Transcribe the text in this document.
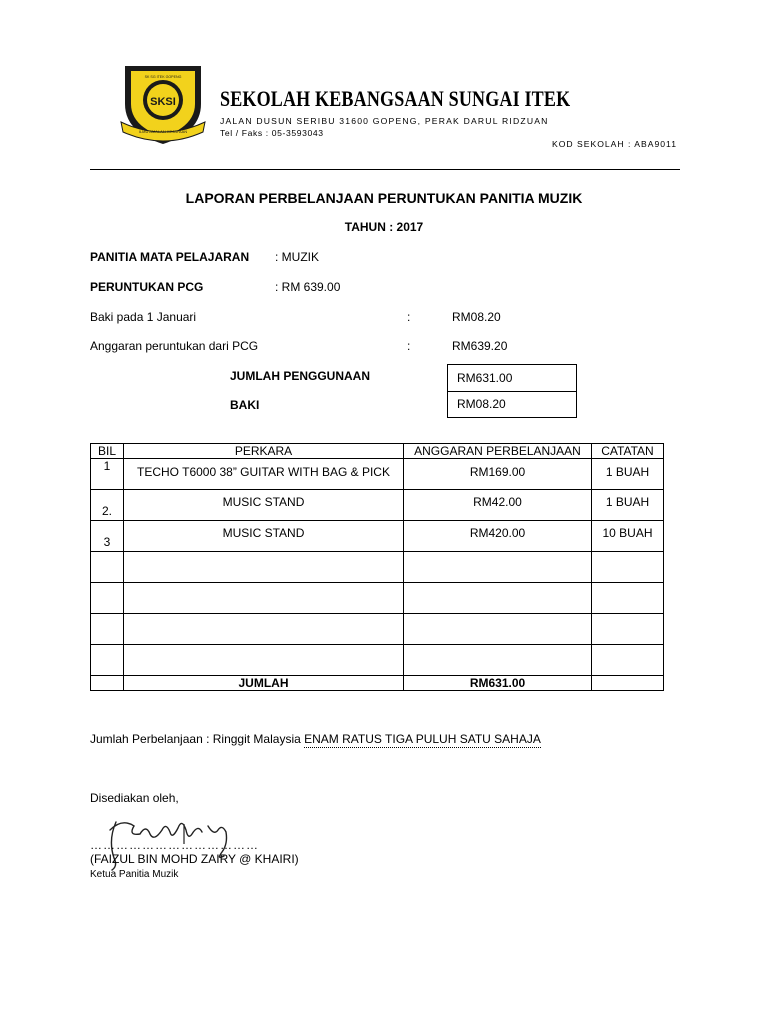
SKSI
SK SG ITEK GOPENG
ILMU AMALAN KEJAYAAN
SEKOLAH KEBANGSAAN SUNGAI ITEK
JALAN DUSUN SERIBU 31600 GOPENG, PERAK DARUL RIDZUAN
Tel / Faks : 05-3593043
KOD SEKOLAH : ABA9011
LAPORAN PERBELANJAAN PERUNTUKAN PANITIA MUZIK
TAHUN : 2017
PANITIA MATA PELAJARAN : MUZIK
PERUNTUKAN PCG	: RM 639.00
Baki pada 1 Januari	:	RM08.20
Anggaran peruntukan dari PCG	:	RM639.20
JUMLAH PENGGUNAAN	RM631.00
BAKI	RM08.20
BIL	PERKARA	ANGGARAN PERBELANJAAN	CATATAN
1	TECHO T6000 38” GUITAR WITH BAG & PICK	RM169.00	1 BUAH
2.	MUSIC STAND	RM42.00	1 BUAH
3	MUSIC STAND	RM420.00	10 BUAH

	JUMLAH	RM631.00	
Jumlah Perbelanjaan : Ringgit Malaysia ENAM RATUS TIGA PULUH SATU SAHAJA
Disediakan oleh,
…………………………………
(FAIZUL BIN MOHD ZAIRY @ KHAIRI)
Ketua Panitia Muzik
